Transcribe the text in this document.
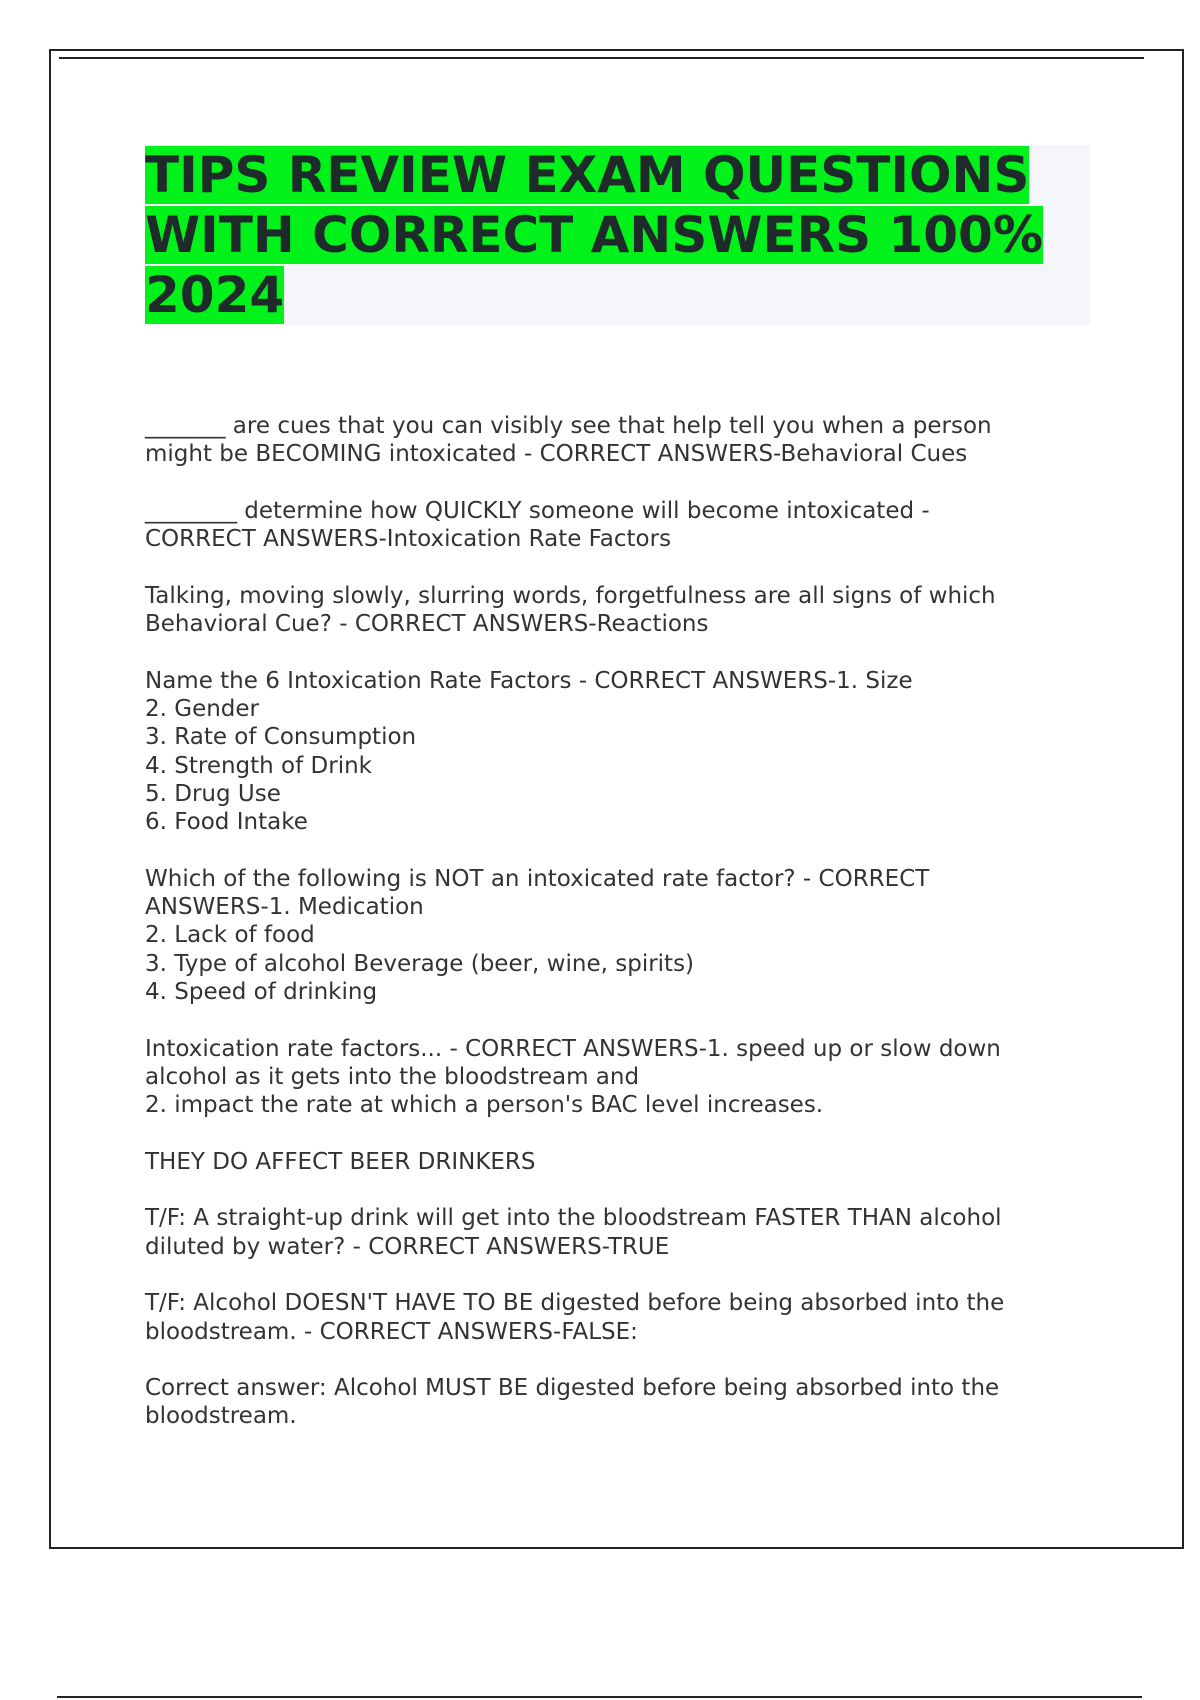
TIPS REVIEW EXAM QUESTIONS WITH CORRECT ANSWERS 100% 2024

_______ are cues that you can visibly see that help tell you when a person
might be BECOMING intoxicated - CORRECT ANSWERS-Behavioral Cues

________ determine how QUICKLY someone will become intoxicated -
CORRECT ANSWERS-Intoxication Rate Factors

Talking, moving slowly, slurring words, forgetfulness are all signs of which
Behavioral Cue? - CORRECT ANSWERS-Reactions

Name the 6 Intoxication Rate Factors - CORRECT ANSWERS-1. Size
2. Gender
3. Rate of Consumption
4. Strength of Drink
5. Drug Use
6. Food Intake

Which of the following is NOT an intoxicated rate factor? - CORRECT
ANSWERS-1. Medication
2. Lack of food
3. Type of alcohol Beverage (beer, wine, spirits)
4. Speed of drinking

Intoxication rate factors... - CORRECT ANSWERS-1. speed up or slow down
alcohol as it gets into the bloodstream and
2. impact the rate at which a person's BAC level increases.

THEY DO AFFECT BEER DRINKERS

T/F: A straight-up drink will get into the bloodstream FASTER THAN alcohol
diluted by water? - CORRECT ANSWERS-TRUE

T/F: Alcohol DOESN'T HAVE TO BE digested before being absorbed into the
bloodstream. - CORRECT ANSWERS-FALSE:

Correct answer: Alcohol MUST BE digested before being absorbed into the
bloodstream.
